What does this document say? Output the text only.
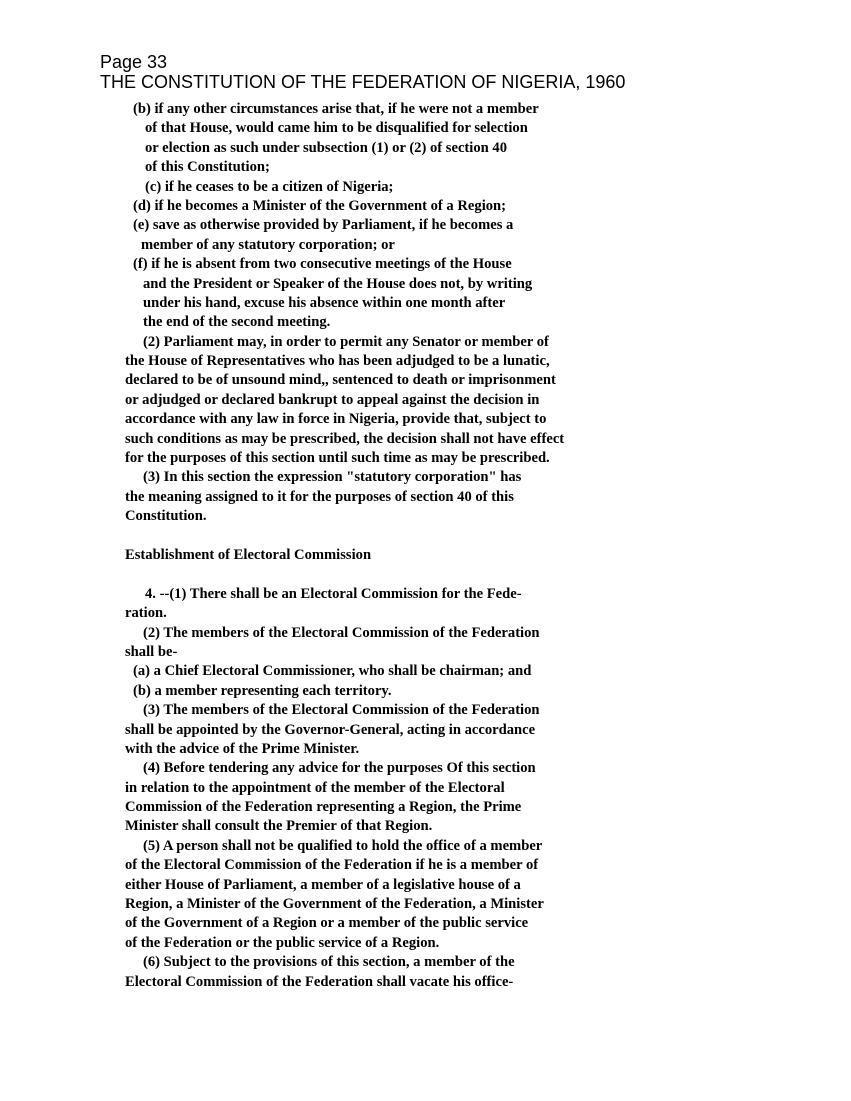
Page 33
THE CONSTITUTION OF THE FEDERATION OF NIGERIA, 1960
(b) if any other circumstances arise that, if he were not a member
of that House, would came him to be disqualified for selection
or election as such under subsection (1) or (2) of section 40
of this Constitution;
(c) if he ceases to be a citizen of Nigeria;
(d) if he becomes a Minister of the Government of a Region;
(e) save as otherwise provided by Parliament, if he becomes a
member of any statutory corporation; or
(f) if he is absent from two consecutive meetings of the House
and the President or Speaker of the House does not, by writing
under his hand, excuse his absence within one month after
the end of the second meeting.
(2) Parliament may, in order to permit any Senator or member of
the House of Representatives who has been adjudged to be a lunatic,
declared to be of unsound mind,, sentenced to death or imprisonment
or adjudged or declared bankrupt to appeal against the decision in
accordance with any law in force in Nigeria, provide that, subject to
such conditions as may be prescribed, the decision shall not have effect
for the purposes of this section until such time as may be prescribed.
(3) In this section the expression "statutory corporation" has
the meaning assigned to it for the purposes of section 40 of this
Constitution.
Establishment of Electoral Commission
4. --(1) There shall be an Electoral Commission for the Fede-
ration.
(2) The members of the Electoral Commission of the Federation
shall be-
(a) a Chief Electoral Commissioner, who shall be chairman; and
(b) a member representing each territory.
(3) The members of the Electoral Commission of the Federation
shall be appointed by the Governor-General, acting in accordance
with the advice of the Prime Minister.
(4) Before tendering any advice for the purposes Of this section
in relation to the appointment of the member of the Electoral
Commission of the Federation representing a Region, the Prime
Minister shall consult the Premier of that Region.
(5) A person shall not be qualified to hold the office of a member
of the Electoral Commission of the Federation if he is a member of
either House of Parliament, a member of a legislative house of a
Region, a Minister of the Government of the Federation, a Minister
of the Government of a Region or a member of the public service
of the Federation or the public service of a Region.
(6) Subject to the provisions of this section, a member of the
Electoral Commission of the Federation shall vacate his office-
